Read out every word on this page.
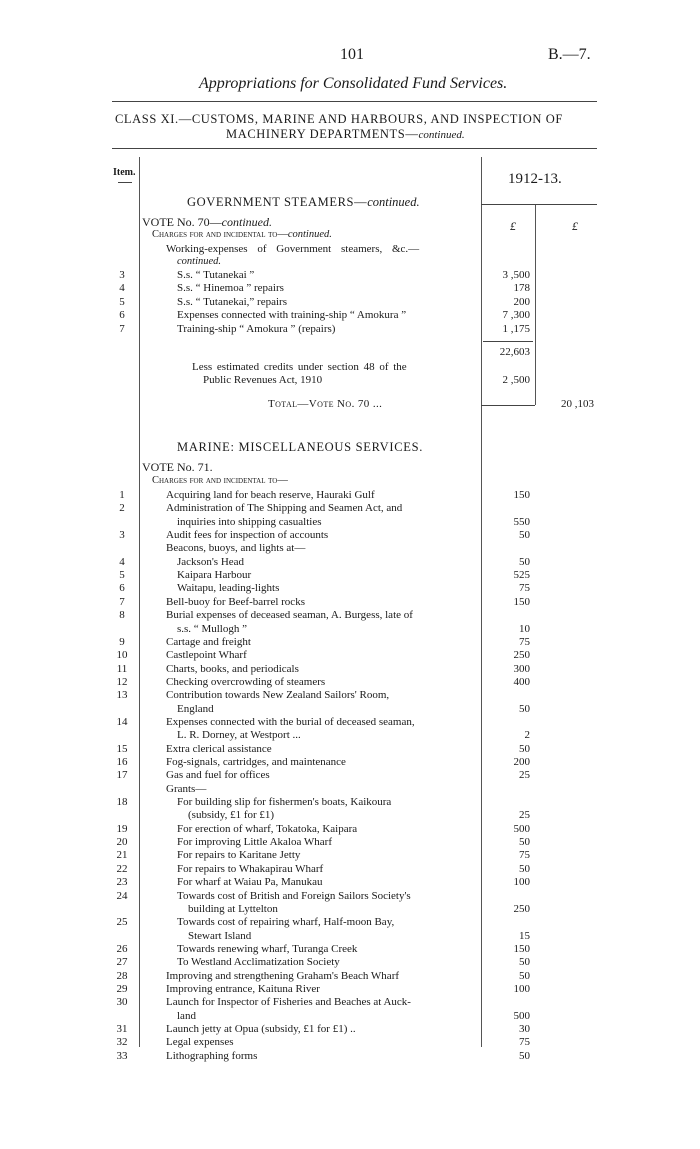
101	B.—7.
Appropriations for Consolidated Fund Services.
CLASS XI.—CUSTOMS, MARINE AND HARBOURS, AND INSPECTION OF
MACHINERY DEPARTMENTS—continued.
Item.	1912-13.
£	£
GOVERNMENT STEAMERS—continued.
VOTE No. 70—continued.
Charges for and incidental to—continued.
Working-expenses of Government steamers, &c.—
continued.
3	S.s. “ Tutanekai ”	3 ,500
4	S.s. “ Hinemoa ” repairs	178
5	S.s. “ Tutanekai,” repairs	200
6	Expenses connected with training-ship “ Amokura ”	7 ,300
7	Training-ship “ Amokura ” (repairs)	1 ,175
22,603
Less estimated credits under section 48 of the
Public Revenues Act, 1910	2 ,500
Total—Vote No. 70 ...	20 ,103
MARINE: MISCELLANEOUS SERVICES.
VOTE No. 71.
Charges for and incidental to—
1	Acquiring land for beach reserve, Hauraki Gulf	150
2	Administration of The Shipping and Seamen Act, and
inquiries into shipping casualties	550
3	Audit fees for inspection of accounts	50
Beacons, buoys, and lights at—
4	Jackson's Head	50
5	Kaipara Harbour	525
6	Waitapu, leading-lights	75
7	Bell-buoy for Beef-barrel rocks	150
8	Burial expenses of deceased seaman, A. Burgess, late of
s.s. “ Mullogh ”	10
9	Cartage and freight	75
10	Castlepoint Wharf	250
11	Charts, books, and periodicals	300
12	Checking overcrowding of steamers	400
13	Contribution towards New Zealand Sailors' Room,
England	50
14	Expenses connected with the burial of deceased seaman,
L. R. Dorney, at Westport ...	2
15	Extra clerical assistance	50
16	Fog-signals, cartridges, and maintenance	200
17	Gas and fuel for offices	25
Grants—
18	For building slip for fishermen's boats, Kaikoura
(subsidy, £1 for £1)	25
19	For erection of wharf, Tokatoka, Kaipara	500
20	For improving Little Akaloa Wharf	50
21	For repairs to Karitane Jetty	75
22	For repairs to Whakapirau Wharf	50
23	For wharf at Waiau Pa, Manukau	100
24	Towards cost of British and Foreign Sailors Society's
building at Lyttelton	250
25	Towards cost of repairing wharf, Half-moon Bay,
Stewart Island	15
26	Towards renewing wharf, Turanga Creek	150
27	To Westland Acclimatization Society	50
28	Improving and strengthening Graham's Beach Wharf	50
29	Improving entrance, Kaituna River	100
30	Launch for Inspector of Fisheries and Beaches at Auck-
land	500
31	Launch jetty at Opua (subsidy, £1 for £1) ..	30
32	Legal expenses	75
33	Lithographing forms	50
